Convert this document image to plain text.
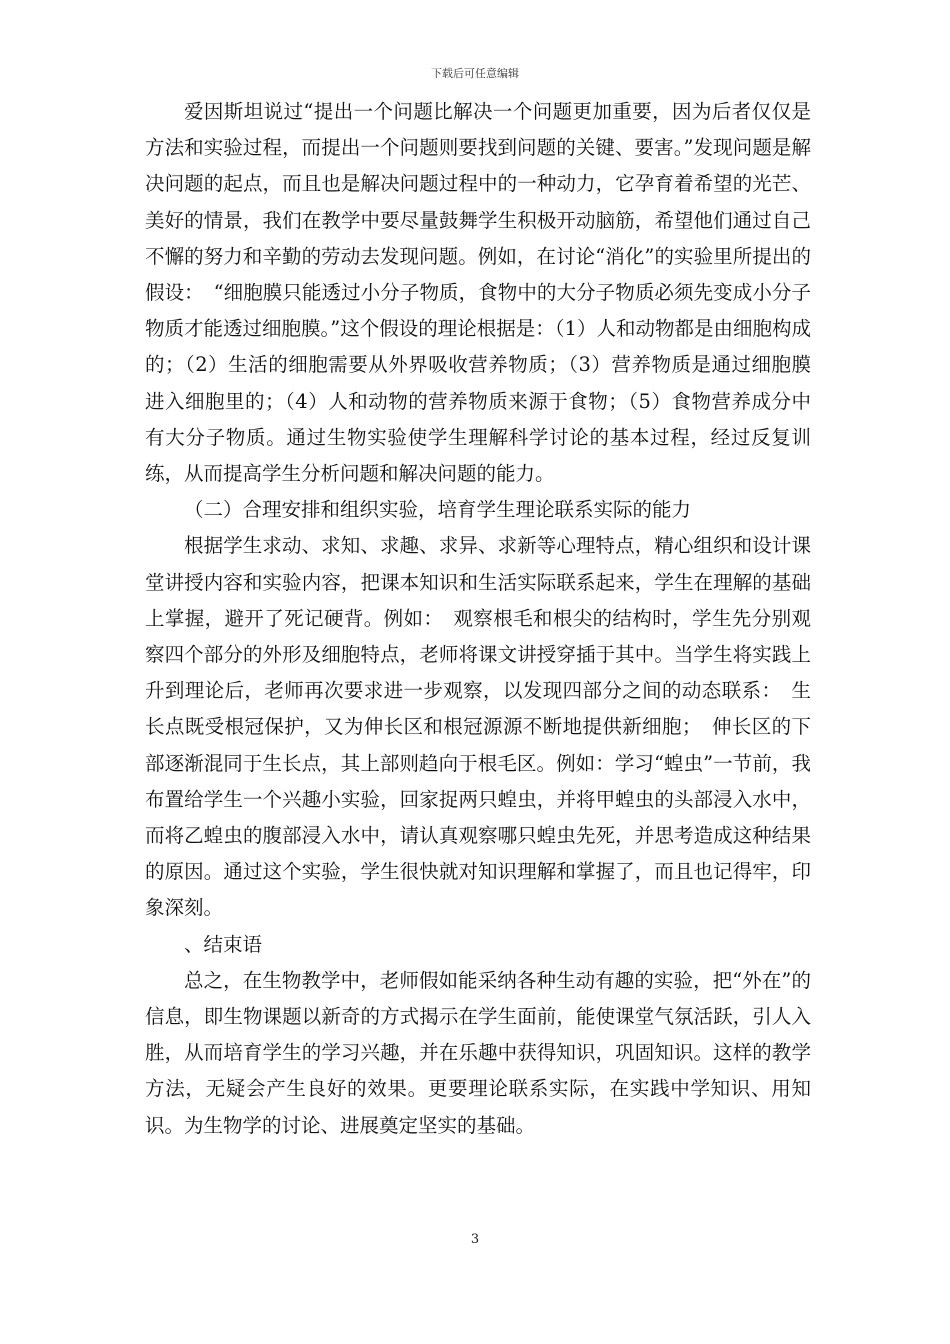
下载后可任意编辑

爱因斯坦说过“提出一个问题比解决一个问题更加重要，因为后者仅仅是方法和实验过程，而提出一个问题则要找到问题的关键、要害。”发现问题是解决问题的起点，而且也是解决问题过程中的一种动力，它孕育着希望的光芒、美好的情景，我们在教学中要尽量鼓舞学生积极开动脑筋，希望他们通过自己不懈的努力和辛勤的劳动去发现问题。例如，在讨论“消化”的实验里所提出的假设：　“细胞膜只能透过小分子物质，食物中的大分子物质必须先变成小分子物质才能透过细胞膜。”这个假设的理论根据是：（1）人和动物都是由细胞构成的；（2）生活的细胞需要从外界吸收营养物质；（3）营养物质是通过细胞膜进入细胞里的；（4）人和动物的营养物质来源于食物；（5）食物营养成分中有大分子物质。通过生物实验使学生理解科学讨论的基本过程，经过反复训练，从而提高学生分析问题和解决问题的能力。

（二）合理安排和组织实验，培育学生理论联系实际的能力

根据学生求动、求知、求趣、求异、求新等心理特点，精心组织和设计课堂讲授内容和实验内容，把课本知识和生活实际联系起来，学生在理解的基础上掌握，避开了死记硬背。例如：　观察根毛和根尖的结构时，学生先分别观察四个部分的外形及细胞特点，老师将课文讲授穿插于其中。当学生将实践上升到理论后，老师再次要求进一步观察，以发现四部分之间的动态联系：　生长点既受根冠保护，又为伸长区和根冠源源不断地提供新细胞；　伸长区的下部逐渐混同于生长点，其上部则趋向于根毛区。例如：学习“蝗虫”一节前，我布置给学生一个兴趣小实验，回家捉两只蝗虫，并将甲蝗虫的头部浸入水中，而将乙蝗虫的腹部浸入水中，请认真观察哪只蝗虫先死，并思考造成这种结果的原因。通过这个实验，学生很快就对知识理解和掌握了，而且也记得牢，印象深刻。

、结束语

总之，在生物教学中，老师假如能采纳各种生动有趣的实验，把“外在”的信息，即生物课题以新奇的方式揭示在学生面前，能使课堂气氛活跃，引人入胜，从而培育学生的学习兴趣，并在乐趣中获得知识，巩固知识。这样的教学方法，无疑会产生良好的效果。更要理论联系实际，在实践中学知识、用知识。为生物学的讨论、进展奠定坚实的基础。

3
